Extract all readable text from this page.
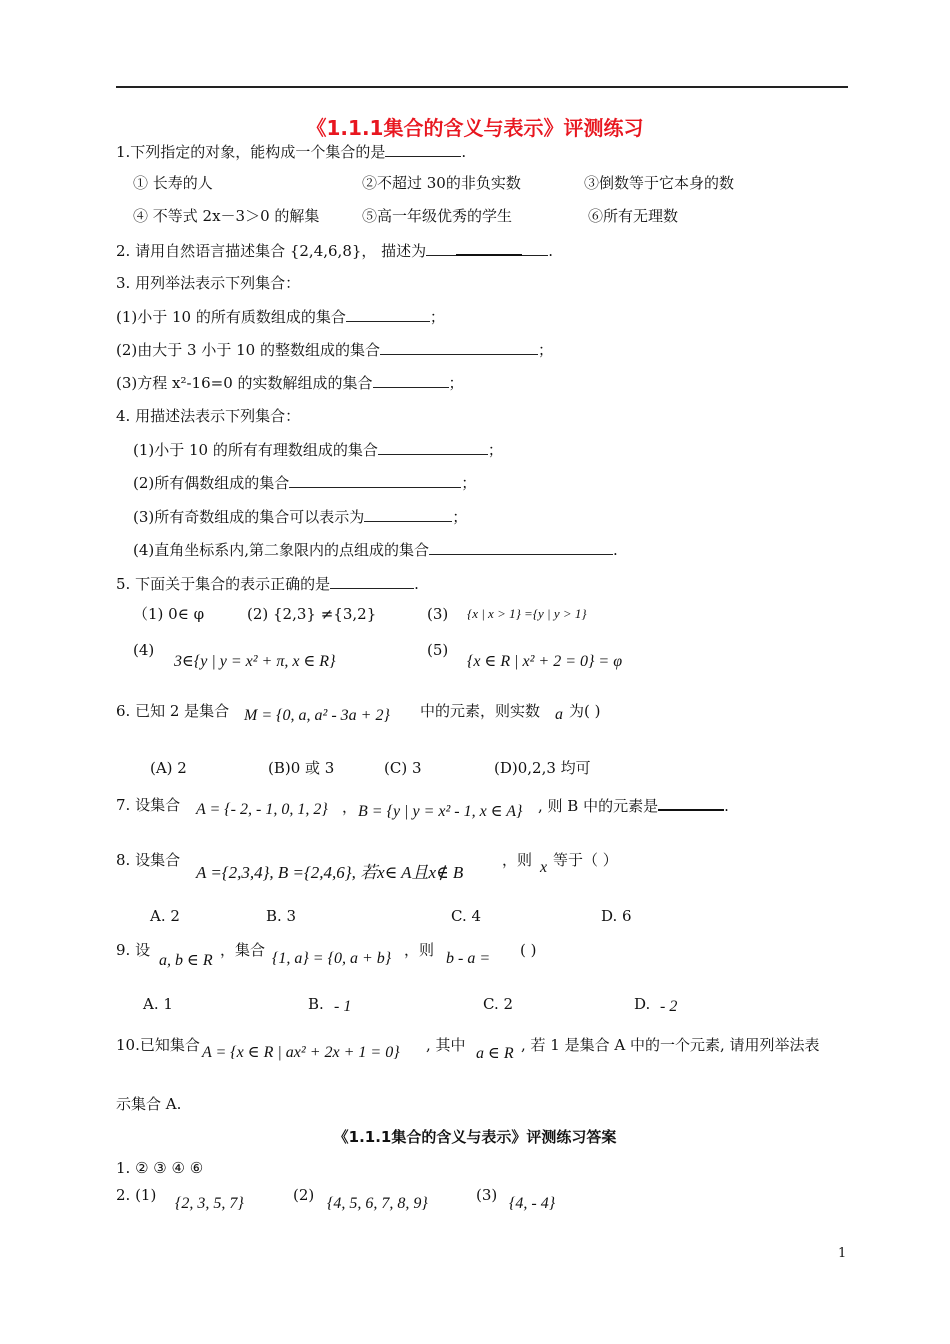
《1.1.1集合的含义与表示》评测练习
1.下列指定的对象，能构成一个集合的是	.
① 长寿的人	②不超过 30的非负实数	③倒数等于它本身的数
④ 不等式 2x－3＞0 的解集	⑤高一年级优秀的学生	⑥所有无理数
2. 请用自然语言描述集合 {2,4,6,8}， 描述为	.
3. 用列举法表示下列集合：
(1)小于 10 的所有质数组成的集合	；
(2)由大于 3 小于 10 的整数组成的集合	；
(3)方程 x²-16=0 的实数解组成的集合	；
4. 用描述法表示下列集合：
(1)小于 10 的所有有理数组成的集合	；
(2)所有偶数组成的集合	；
(3)所有奇数组成的集合可以表示为	；
(4)直角坐标系内,第二象限内的点组成的集合	.
5. 下面关于集合的表示正确的是	.
（1) 0∈ φ	(2) {2,3} ≠{3,2}	(3) {x | x > 1} ={y | y > 1}
(4)
3∈{y | y = x² + π, x ∈ R}
(5)
{x ∈ R | x² + 2 = 0} = φ
6. 已知 2 是集合 M = {0, a, a² - 3a + 2} 中的元素，则实数 a 为( )
(A) 2	(B)0 或 3	(C) 3	(D)0,2,3 均可
7. 设集合 A = {- 2, - 1, 0, 1, 2} ， B = {y | y = x² - 1, x ∈ A} , 则 B 中的元素是	.
8. 设集合
A ={2,3,4}, B ={2,4,6}, 若x∈ A且x∉ B
，则 x 等于（ ）
A. 2	B. 3	C. 4	D. 6
9. 设
a, b ∈ R
，集合 {1, a} = {0, a + b} ，则 b - a = ( )
A. 1	B. - 1	C. 2	D. - 2
10.已知集合 A = {x ∈ R | ax² + 2x + 1 = 0} , 其中 a ∈ R , 若 1 是集合 A 中的一个元素, 请用列举法表
示集合 A.
《1.1.1集合的含义与表示》评测练习答案
1. ② ③ ④ ⑥
2. (1) {2, 3, 5, 7}	(2) {4, 5, 6, 7, 8, 9}	(3) {4, - 4}
1
